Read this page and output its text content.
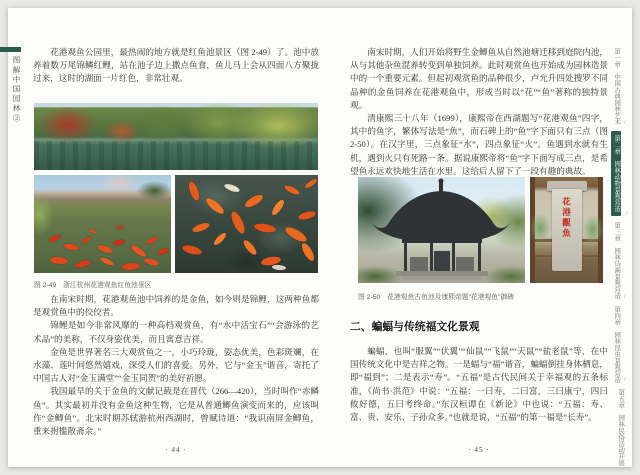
图解中国园林②

花港观鱼公园里，最热闹的地方就是红鱼池景区（图 2-49）了。池中放养着数万尾锦鳞红鲤，站在池子边上撒点鱼食，鱼儿马上会从四面八方聚拢过来，这时的湖面一片红色，非常壮观。

图 2-49　浙江杭州花港观鱼红鱼池景区

在南宋时期，花港观鱼池中饲养的是金鱼，如今则是锦鲤，这两种鱼都是观赏鱼中的佼佼者。

锦鲤是如今非常风靡的一种高档观赏鱼，有“水中活宝石”“会游泳的艺术品”的美称，不仅身姿优美，而且寓意吉祥。

金鱼是世界著名三大观赏鱼之一，小巧玲珑，姿态优美，色彩斑斓，在水藻、莲叶间悠然嬉戏，深受人们的喜爱。另外，它与“金玉”谐音，寄托了中国古人对“金玉满堂”“金玉同贺”的美好祈愿。

我国最早的关于金鱼的文献记载是在晋代（266—420），当时叫作“赤鳞鱼”。其实最初并没有金鱼这种生物，它是从普通鲫鱼演变而来的，应该叫作“金鲫鱼”。北宋时期苏轼游杭州西湖时，曾赋诗道：“我识南屏金鲫鱼，重来拊槛散斋余。”

· 44 ·

南宋时期，人们开始将野生金鲫鱼从自然池塘迁移到庭院内池，从与其他杂鱼混养转变到单独饲养。此时观赏鱼也开始成为园林造景中的一个重要元素。但起初观赏鱼的品种很少，卢允升四处搜罗不同品种的金鱼饲养在花港观鱼中，形成当时以“花”“鱼”著称的独特景观。

清康熙三十八年（1699），康熙帝在西湖题写“花港观鱼”四字，其中的鱼字，繁体写法是“魚”，而石碑上的“鱼”字下面只有三点（图 2-50）。在汉字里，三点象征“水”，四点象征“火”。鱼遇到水就有生机，遇到火只有死路一条。据说康熙帝将“鱼”字下面写成三点，是希望鱼永远欢快地生活在水里。这给后人留下了一段有趣的典故。

花港觀魚
图 2-50　花港观鱼古鱼池及康熙帝题“花港观鱼”御碑
二、蝙蝠与传统福文化景观

蝙蝠，也叫“服翼”“伏翼”“仙鼠”“飞鼠”“天鼠”“盐老鼠”等，在中国传统文化中是吉祥之物。一是蝠与“福”谐音，蝙蝠倒挂身体栖息，即“福到”；二是表示“寿”。“五福”是古代民间关于幸福观的五条标准，《尚书·洪范》中说：“五福：一曰寿，二曰富，三曰康宁，四曰攸好德，五曰考终命。”东汉桓谭在《新论》中也说：“五福：寿、富、贵、安乐、子孙众多。”也就是说，“五福”的第一福是“长寿”。

· 45 ·
第一章　中国古典园林艺术 / 第二章　园林动物景观营造 / 第三章　园林诗画景观营造 / 第四章　园林昆虫景观营造 / 第五章　园林民俗活动开展
